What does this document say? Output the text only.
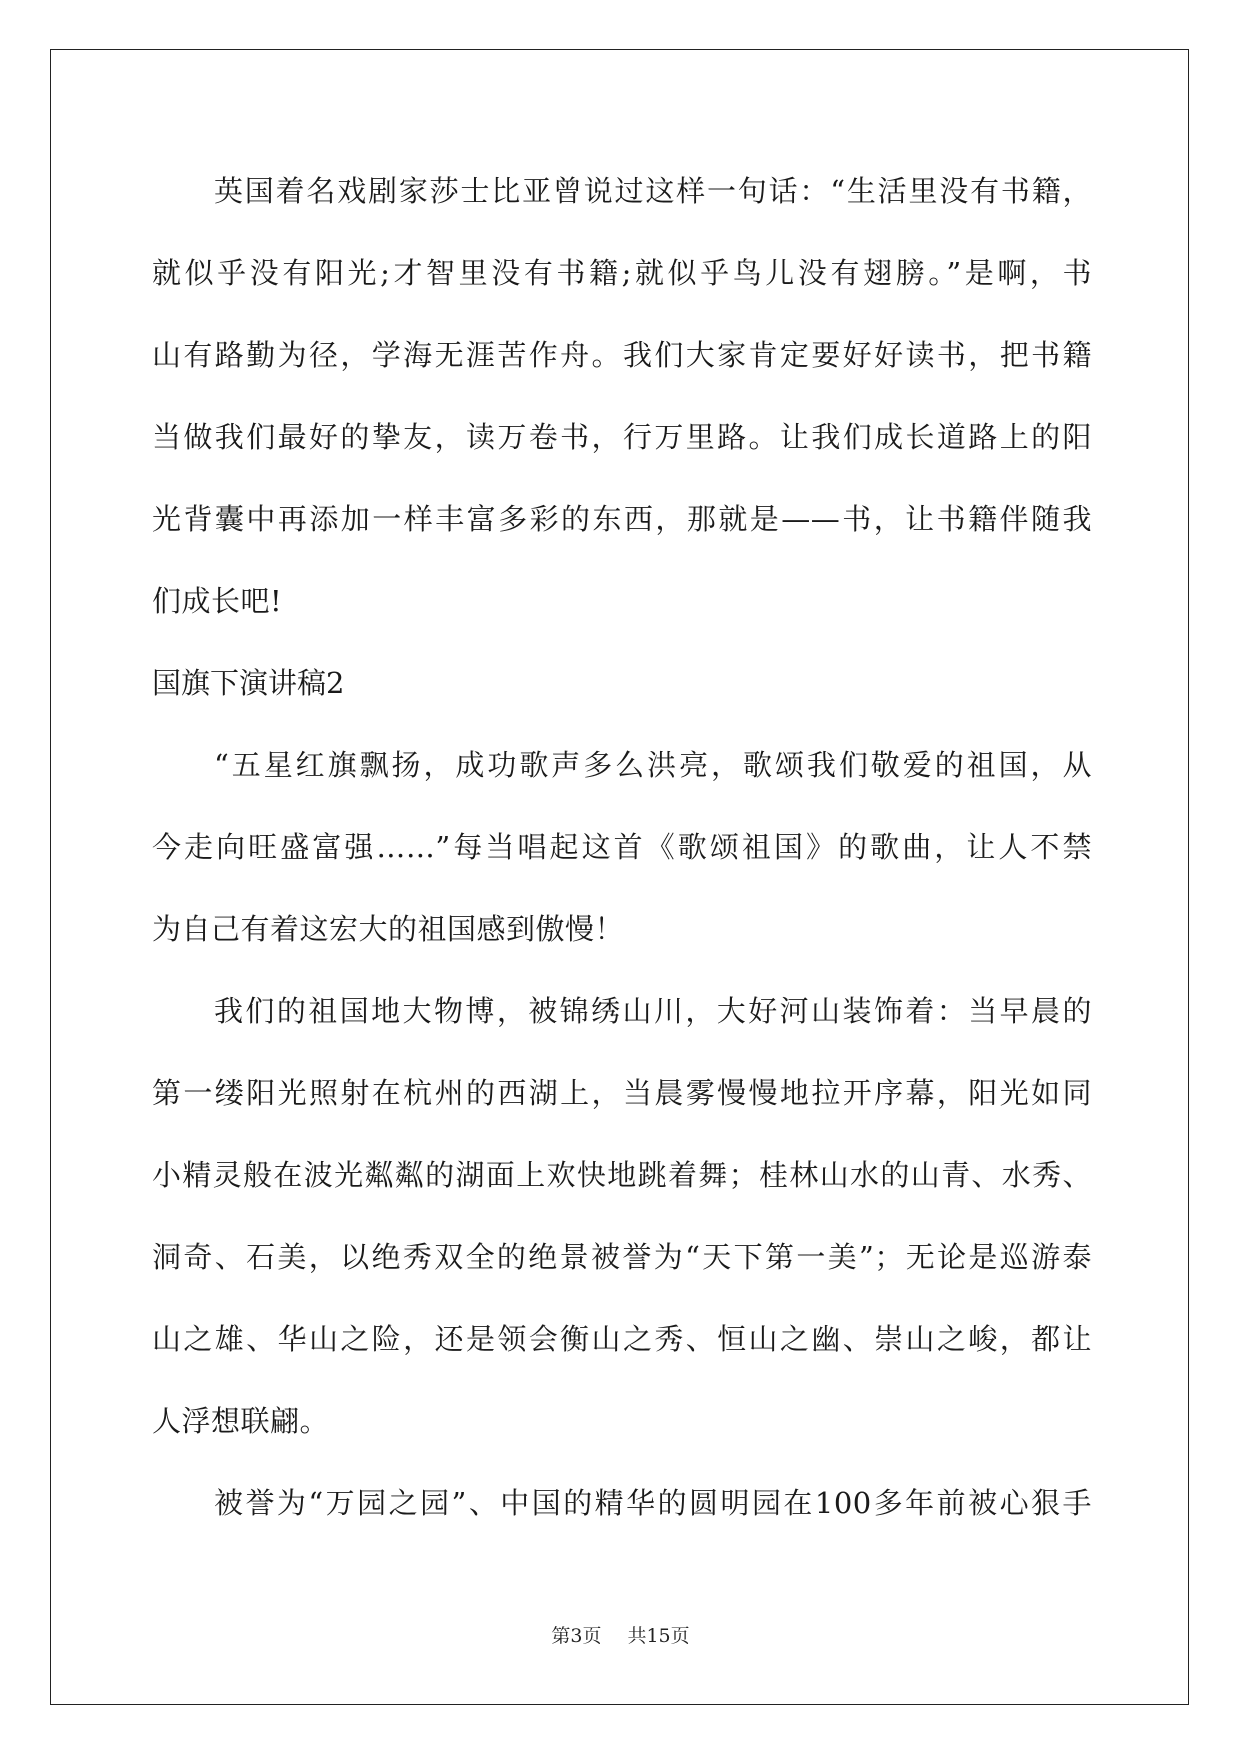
英国着名戏剧家莎士比亚曾说过这样一句话：“生活里没有书籍，
就似乎没有阳光;才智里没有书籍;就似乎鸟儿没有翅膀。”是啊，书
山有路勤为径，学海无涯苦作舟。我们大家肯定要好好读书，把书籍
当做我们最好的挚友，读万卷书，行万里路。让我们成长道路上的阳
光背囊中再添加一样丰富多彩的东西，那就是——书，让书籍伴随我
们成长吧!
国旗下演讲稿2
“五星红旗飘扬，成功歌声多么洪亮，歌颂我们敬爱的祖国，从
今走向旺盛富强……”每当唱起这首《歌颂祖国》的歌曲，让人不禁
为自己有着这宏大的祖国感到傲慢！
我们的祖国地大物博，被锦绣山川，大好河山装饰着：当早晨的
第一缕阳光照射在杭州的西湖上，当晨雾慢慢地拉开序幕，阳光如同
小精灵般在波光粼粼的湖面上欢快地跳着舞；桂林山水的山青、水秀、
洞奇、石美，以绝秀双全的绝景被誉为“天下第一美”；无论是巡游泰
山之雄、华山之险，还是领会衡山之秀、恒山之幽、崇山之峻，都让
人浮想联翩。
被誉为“万园之园”、中国的精华的圆明园在100多年前被心狠手
第3页 共15页
